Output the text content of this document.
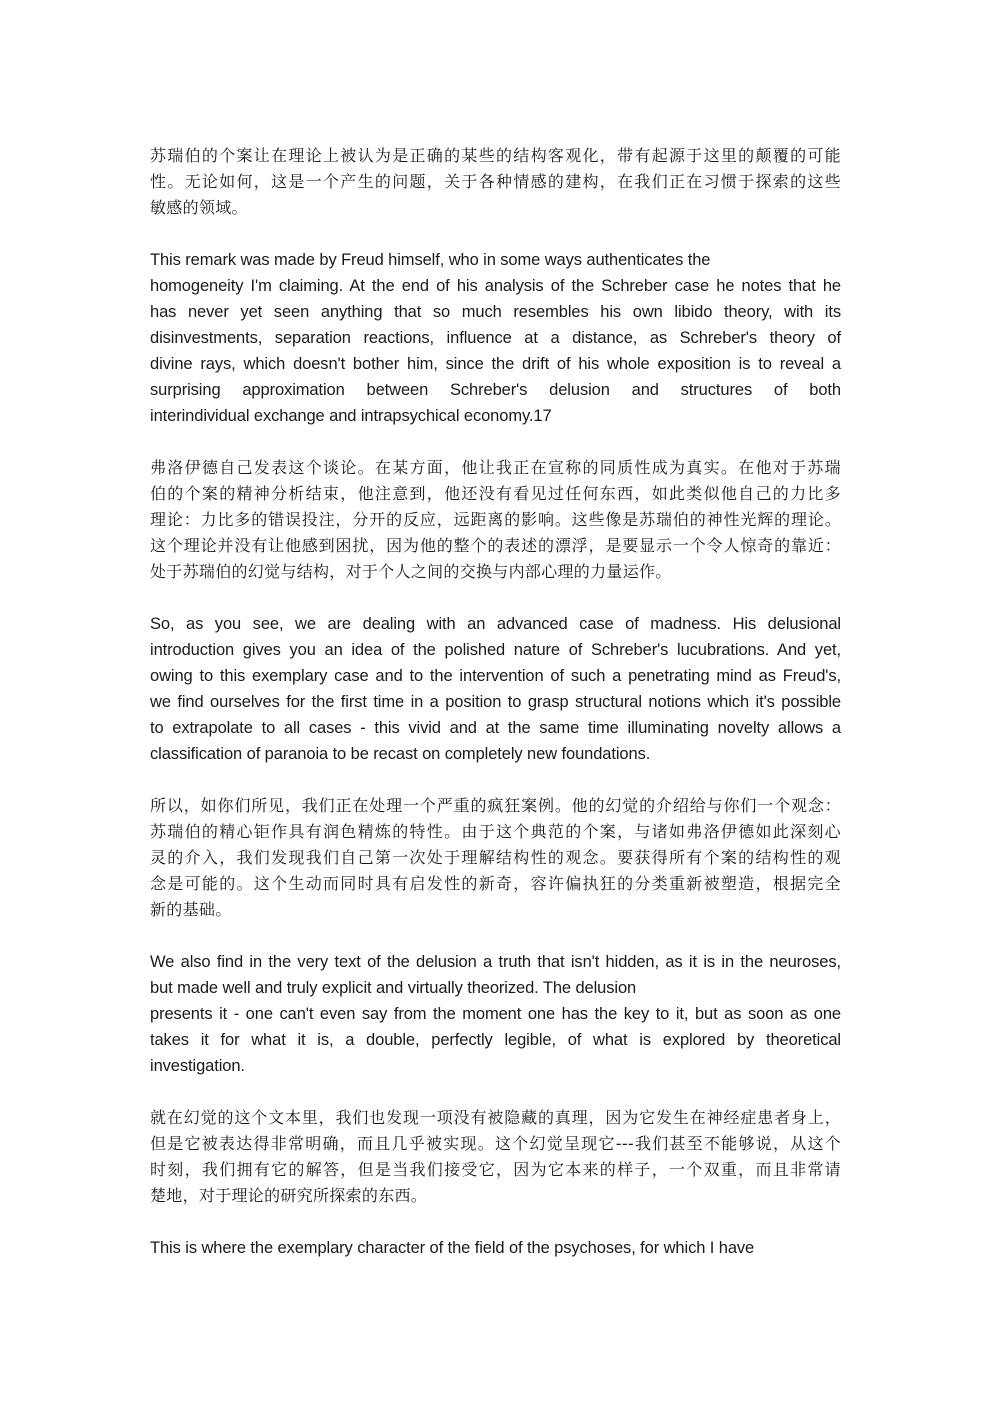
苏瑞伯的个案让在理论上被认为是正确的某些的结构客观化，带有起源于这里的颠覆的可能
性。无论如何，这是一个产生的问题，关于各种情感的建构，在我们正在习惯于探索的这些
敏感的领域。
This remark was made by Freud himself, who in some ways authenticates the
homogeneity I'm claiming. At the end of his analysis of the Schreber case he notes that he
has never yet seen anything that so much resembles his own libido theory, with its
disinvestments, separation reactions, influence at a distance, as Schreber's theory of
divine rays, which doesn't bother him, since the drift of his whole exposition is to reveal a
surprising approximation between Schreber's delusion and structures of both
interindividual exchange and intrapsychical economy.17
弗洛伊德自己发表这个谈论。在某方面，他让我正在宣称的同质性成为真实。在他对于苏瑞
伯的个案的精神分析结束，他注意到，他还没有看见过任何东西，如此类似他自己的力比多
理论：力比多的错误投注，分开的反应，远距离的影响。这些像是苏瑞伯的神性光辉的理论。
这个理论并没有让他感到困扰，因为他的整个的表述的漂浮，是要显示一个令人惊奇的靠近：
处于苏瑞伯的幻觉与结构，对于个人之间的交换与内部心理的力量运作。
So, as you see, we are dealing with an advanced case of madness. His delusional
introduction gives you an idea of the polished nature of Schreber's lucubrations. And yet,
owing to this exemplary case and to the intervention of such a penetrating mind as Freud's,
we find ourselves for the first time in a position to grasp structural notions which it's possible
to extrapolate to all cases - this vivid and at the same time illuminating novelty allows a
classification of paranoia to be recast on completely new foundations.
所以，如你们所见，我们正在处理一个严重的疯狂案例。他的幻觉的介绍给与你们一个观念：
苏瑞伯的精心钜作具有润色精炼的特性。由于这个典范的个案，与诸如弗洛伊德如此深刻心
灵的介入，我们发现我们自己第一次处于理解结构性的观念。要获得所有个案的结构性的观
念是可能的。这个生动而同时具有启发性的新奇，容许偏执狂的分类重新被塑造，根据完全
新的基础。
We also find in the very text of the delusion a truth that isn't hidden, as it is in the neuroses,
but made well and truly explicit and virtually theorized. The delusion
presents it - one can't even say from the moment one has the key to it, but as soon as one
takes it for what it is, a double, perfectly legible, of what is explored by theoretical
investigation.
就在幻觉的这个文本里，我们也发现一项没有被隐藏的真理，因为它发生在神经症患者身上，
但是它被表达得非常明确，而且几乎被实现。这个幻觉呈现它---我们甚至不能够说，从这个
时刻，我们拥有它的解答，但是当我们接受它，因为它本来的样子，一个双重，而且非常请
楚地，对于理论的研究所探索的东西。
This is where the exemplary character of the field of the psychoses, for which I have
